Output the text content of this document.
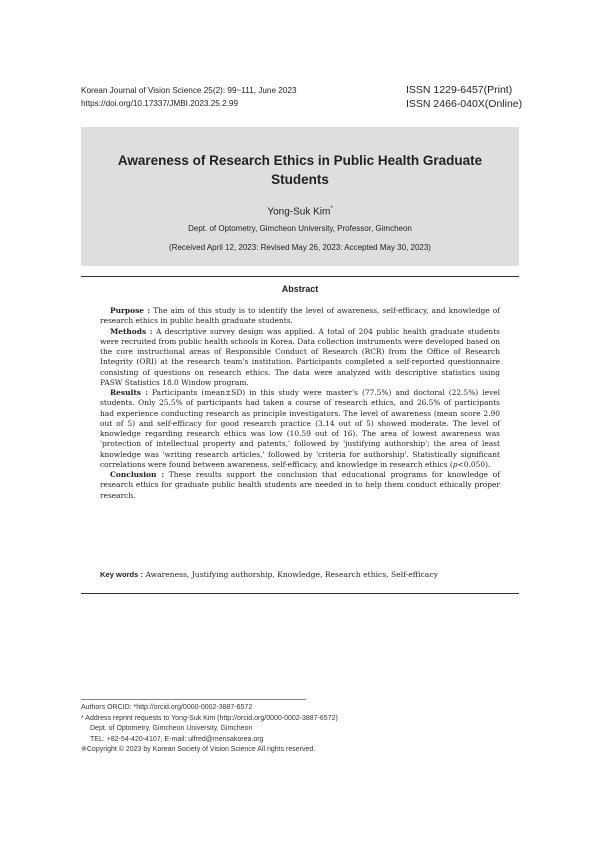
Korean Journal of Vision Science 25(2): 99~111, June 2023
https://doi.org/10.17337/JMBI.2023.25.2.99
ISSN 1229-6457(Print)
ISSN 2466-040X(Online)
Awareness of Research Ethics in Public Health Graduate
Students
Yong-Suk Kim*
Dept. of Optometry, Gimcheon University, Professor, Gimcheon
(Received April 12, 2023: Revised May 26, 2023: Accepted May 30, 2023)
Abstract

Purpose : The aim of this study is to identify the level of awareness, self-efficacy, and knowledge of research ethics in public health graduate students.

Methods : A descriptive survey design was applied. A total of 204 public health graduate students were recruited from public health schools in Korea. Data collection instruments were developed based on the core instructional areas of Responsible Conduct of Research (RCR) from the Office of Research Integrity (ORI) at the research team's institution. Participants completed a self-reported questionnaire consisting of questions on research ethics. The data were analyzed with descriptive statistics using PASW Statistics 18.0 Window program.

Results : Participants (mean±SD) in this study were master's (77.5%) and doctoral (22.5%) level students. Only 25.5% of participants had taken a course of research ethics, and 26.5% of participants had experience conducting research as principle investigators. The level of awareness (mean score 2.90 out of 5) and self-efficacy for good research practice (3.14 out of 5) showed moderate. The level of knowledge regarding research ethics was low (10.59 out of 16). The area of lowest awareness was 'protection of intellectual property and patents,' followed by 'justifying authorship'; the area of least knowledge was 'writing research articles,' followed by 'criteria for authorship'. Statistically significant correlations were found between awareness, self-efficacy, and knowledge in research ethics (p<0.050).

Conclusion : These results support the conclusion that educational programs for knowledge of research ethics for graduate public health students are needed in to help them conduct ethically proper research.

Key words : Awareness, Justifying authorship, Knowledge, Research ethics, Self-efficacy
Authors ORCID: *http://orcid.org/0000-0002-3887-6572
* Address reprint requests to Yong-Suk Kim (http://orcid.org/0000-0002-3887-6572)
Dept. of Optometry, Gimcheon University, Gimcheon
TEL: +82-54-420-4107, E-mail: ulfred@mensakorea.org
※Copyright © 2023 by Korean Society of Vision Science All rights reserved.
